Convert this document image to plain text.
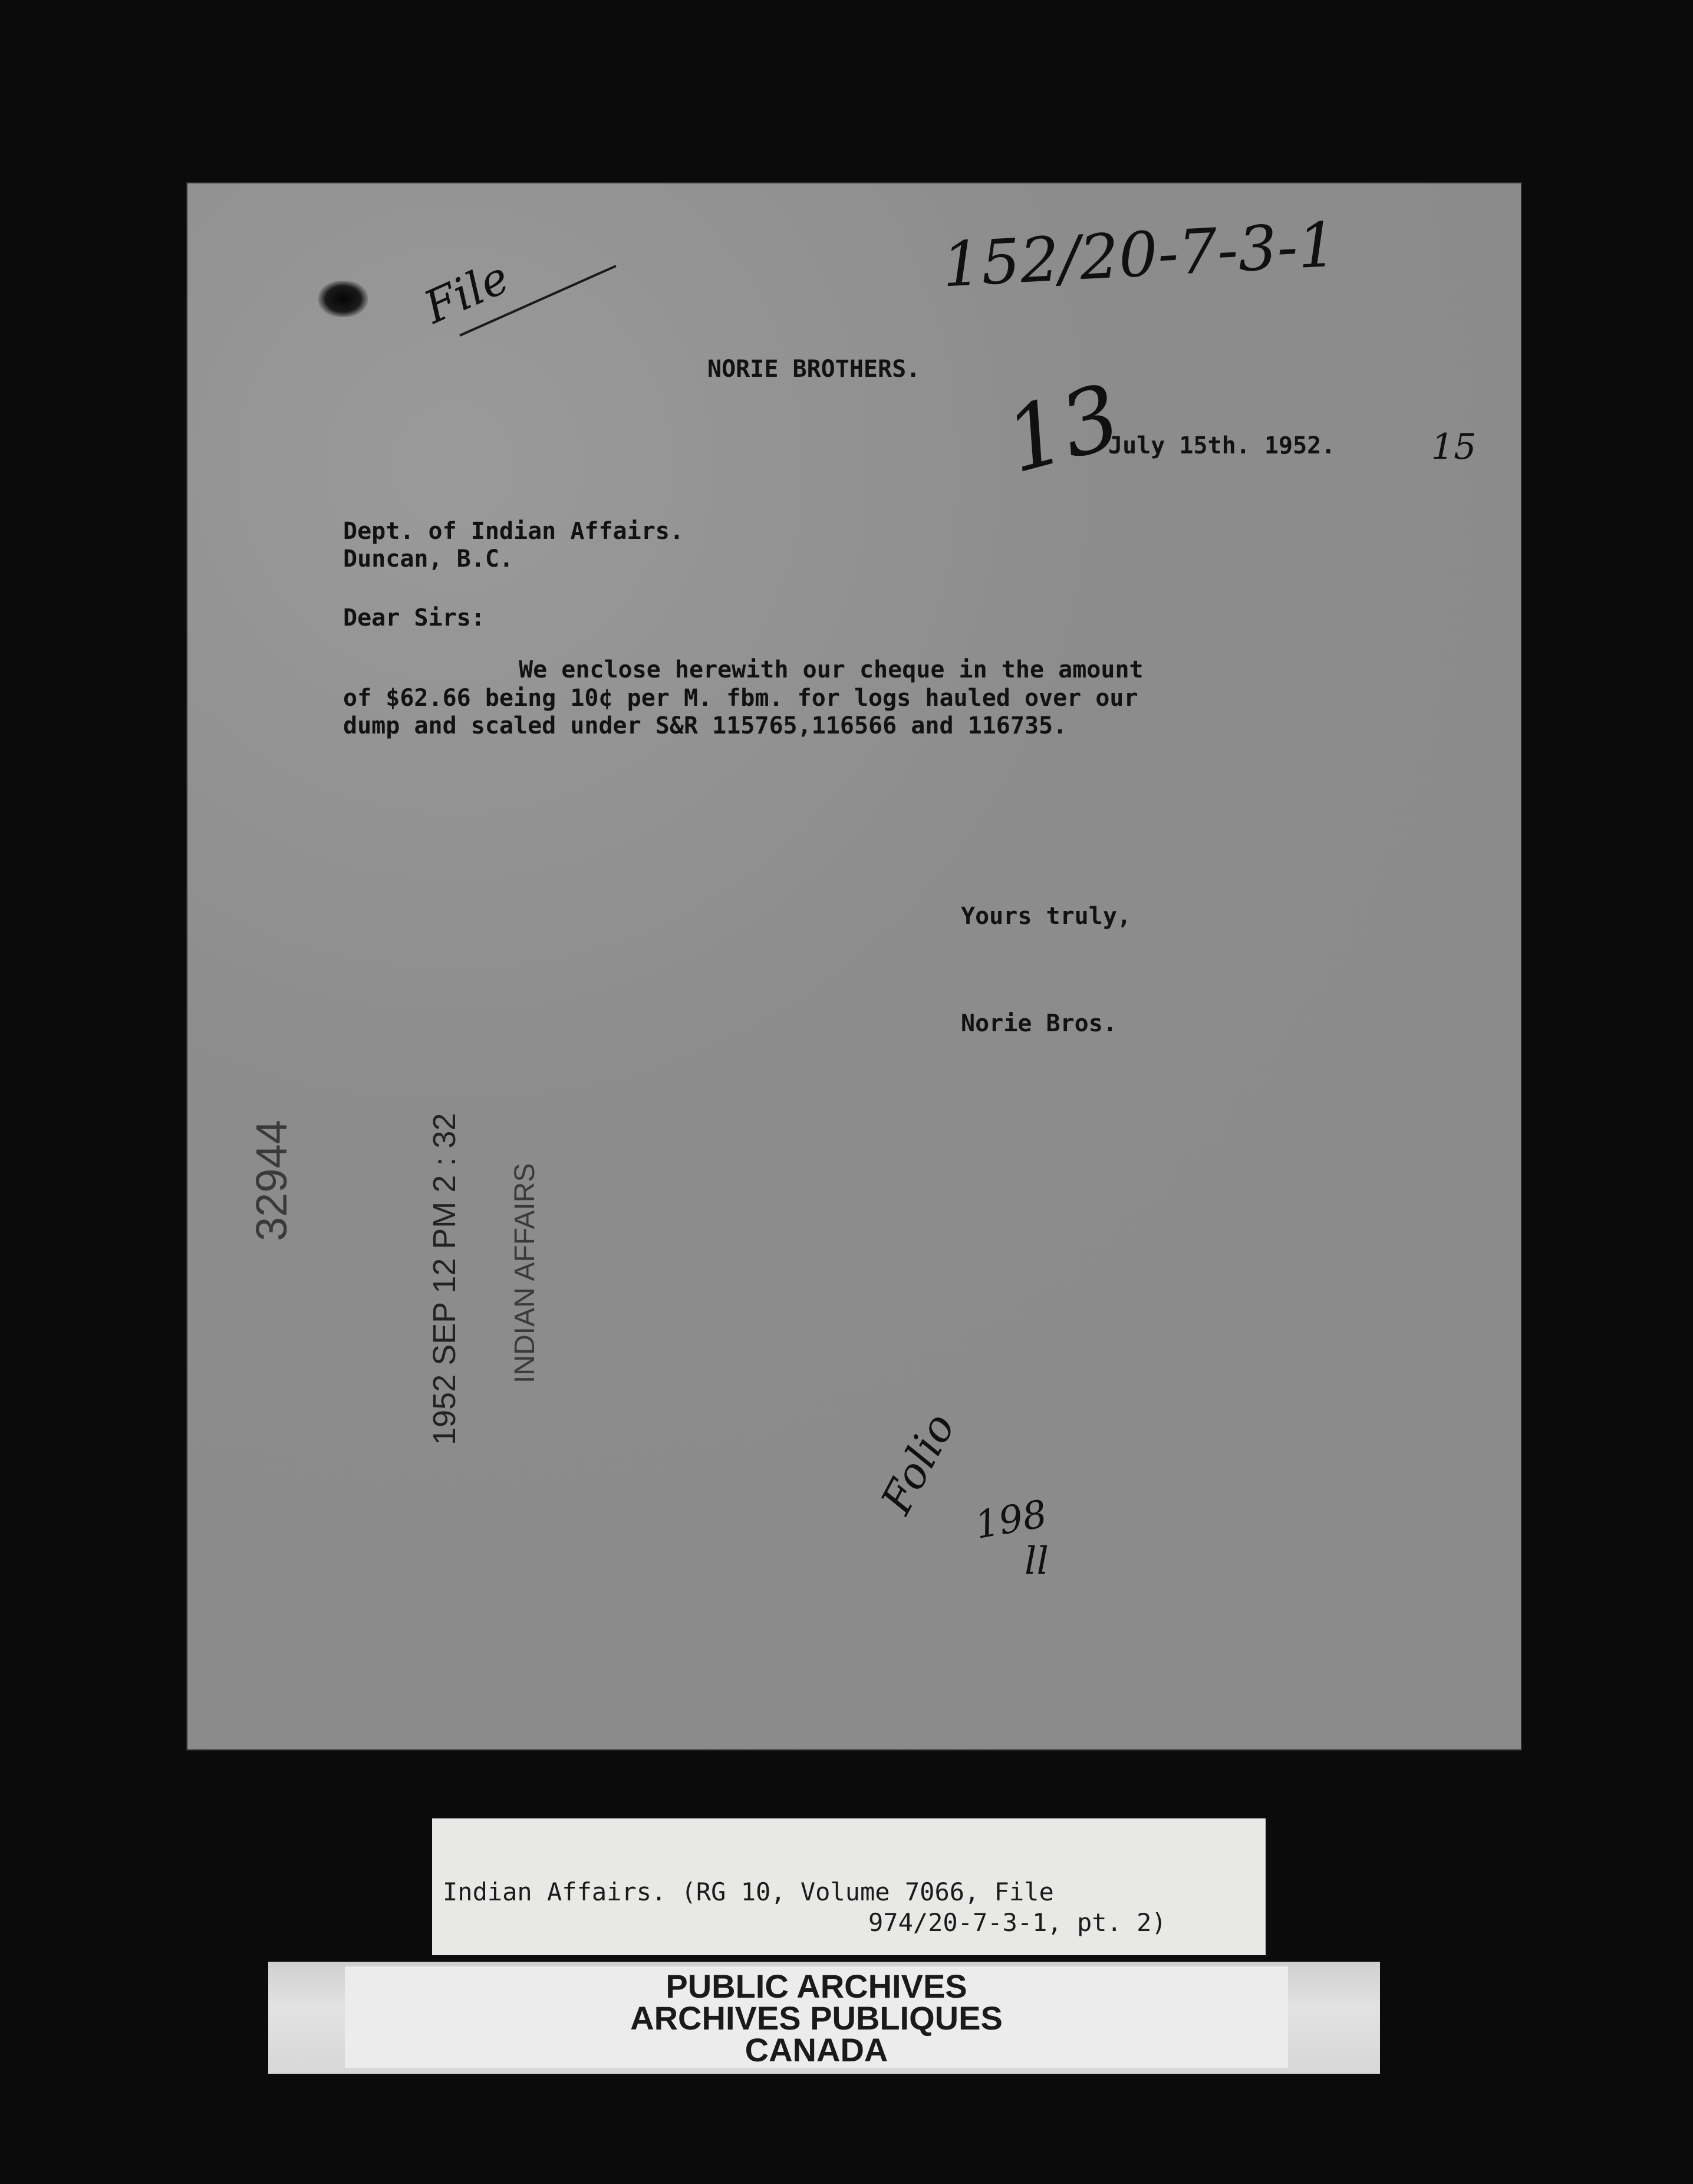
152/20-7-3-1
File
13	15
NORIE BROTHERS.
July 15th. 1952.
Dept. of Indian Affairs.
Duncan, B.C.
Dear Sirs:
We enclose herewith our cheque in the amount
of $62.66 being 10¢ per M. fbm. for logs hauled over our
dump and scaled under S&R 115765,116566 and 116735.
Yours truly,
Norie Bros.
32944	1952 SEP 12 PM 2 : 32 INDIAN AFFAIRS
Folio 198
ll
Indian Affairs. (RG 10, Volume 7066, File
974/20-7-3-1, pt. 2)
PUBLIC ARCHIVES
ARCHIVES PUBLIQUES
CANADA
